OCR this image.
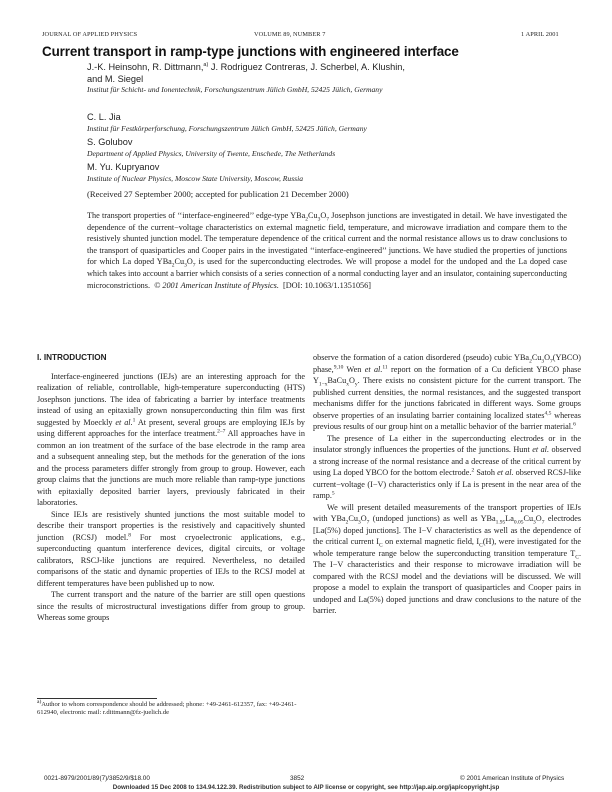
JOURNAL OF APPLIED PHYSICS	VOLUME 89, NUMBER 7	1 APRIL 2001
Current transport in ramp-type junctions with engineered interface
J.-K. Heinsohn, R. Dittmann,$^{a)}$ J. Rodriguez Contreras, J. Scherbel, A. Klushin,
and M. Siegel
Institut für Schicht- und Ionentechnik, Forschungszentrum Jülich GmbH, 52425 Jülich, Germany
C. L. Jia
Institut für Festkörperforschung, Forschungszentrum Jülich GmbH, 52425 Jülich, Germany
S. Golubov
Department of Applied Physics, University of Twente, Enschede, The Netherlands
M. Yu. Kupryanov
Institute of Nuclear Physics, Moscow State University, Moscow, Russia
(Received 27 September 2000; accepted for publication 21 December 2000)

The transport properties of ‘‘interface-engineered’’ edge-type $YBa_2Cu_3O_7$ Josephson junctions are investigated in detail. We have investigated the dependence of the current−voltage characteristics on external magnetic field, temperature, and microwave irradiation and compare them to the resistively shunted junction model. The temperature dependence of the critical current and the normal resistance allows us to draw conclusions to the transport of quasiparticles and Cooper pairs in the investigated ‘‘interface-engineered’’ junctions. We have studied the properties of junctions for which La doped $YBa_2Cu_3O_7$ is used for the superconducting electrodes. We will propose a model for the undoped and the La doped case which takes into account a barrier which consists of a series connection of a normal conducting layer and an insulator, containing superconducting microconstrictions. © 2001 American Institute of Physics. [DOI: 10.1063/1.1351056]

I. INTRODUCTION

Interface-engineered junctions (IEJs) are an interesting approach for the realization of reliable, controllable, high-temperature superconducting (HTS) Josephson junctions. The idea of fabricating a barrier by interface treatments instead of using an epitaxially grown nonsuperconducting thin film was first suggested by Moeckly et al.$^1$ At present, several groups are employing IEJs by using different approaches for the interface treatment.$^{2-7}$ All approaches have in common an ion treatment of the surface of the base electrode in the ramp area and a subsequent annealing step, but the methods for the generation of the ions and the process parameters differ strongly from group to group. However, each group claims that the junctions are much more reliable than ramp-type junctions with epitaxially deposited barrier layers, previously fabricated in their laboratories.

Since IEJs are resistively shunted junctions the most suitable model to describe their transport properties is the resistively and capacitively shunted junction (RCSJ) model.$^8$ For most cryoelectronic applications, e.g., superconducting quantum interference devices, digital circuits, or voltage calibrators, RSCJ-like junctions are required. Nevertheless, no detailed comparisons of the static and dynamic properties of IEJs to the RCSJ model at different temperatures have been published up to now.

The current transport and the nature of the barrier are still open questions since the results of microstructural investigations differ from group to group. Whereas some groups

$^{a)}$Author to whom correspondence should be addressed; phone: +49-2461-612357, fax: +49-2461-612940, electronic mail: r.dittmann@fz-juelich.de

observe the formation of a cation disordered (pseudo) cubic $YBa_2Cu_3O_7(YBCO)$ phase,$^{9,10}$ Wen et al.$^{11}$ report on the formation of a Cu deficient YBCO phase $Y_{1-x}BaCu_xO_y$. There exists no consistent picture for the current transport. The published current densities, the normal resistances, and the suggested transport mechanisms differ for the junctions fabricated in different ways. Some groups observe properties of an insulating barrier containing localized states$^{4,5}$ whereas previous results of our group hint on a metallic behavior of the barrier material.$^6$

The presence of La either in the superconducting electrodes or in the insulator strongly influences the properties of the junctions. Hunt et al. observed a strong increase of the normal resistance and a decrease of the critical current by using La doped YBCO for the bottom electrode.$^2$ Satoh et al. observed RCSJ-like current−voltage (I−V) characteristics only if La is present in the near area of the ramp.$^5$

We will present detailed measurements of the transport properties of IEJs with $YBa_2Cu_3O_7$ (undoped junctions) as well as $YBa_{1.95}La_{0.05}Cu_3O_7$ electrodes [La(5%) doped junctions]. The I−V characteristics as well as the dependence of the critical current $I_C$ on external magnetic field, $I_C(H)$, were investigated for the whole temperature range below the superconducting transition temperature $T_C$. The I−V characteristics and their response to microwave irradiation will be compared with the RCSJ model and the deviations will be discussed. We will propose a model to explain the transport of quasiparticles and Cooper pairs in undoped and La(5%) doped junctions and draw conclusions to the nature of the barrier.

0021-8979/2001/89(7)/3852/9/$18.00	3852	© 2001 American Institute of Physics
Downloaded 15 Dec 2008 to 134.94.122.39. Redistribution subject to AIP license or copyright, see http://jap.aip.org/jap/copyright.jsp
